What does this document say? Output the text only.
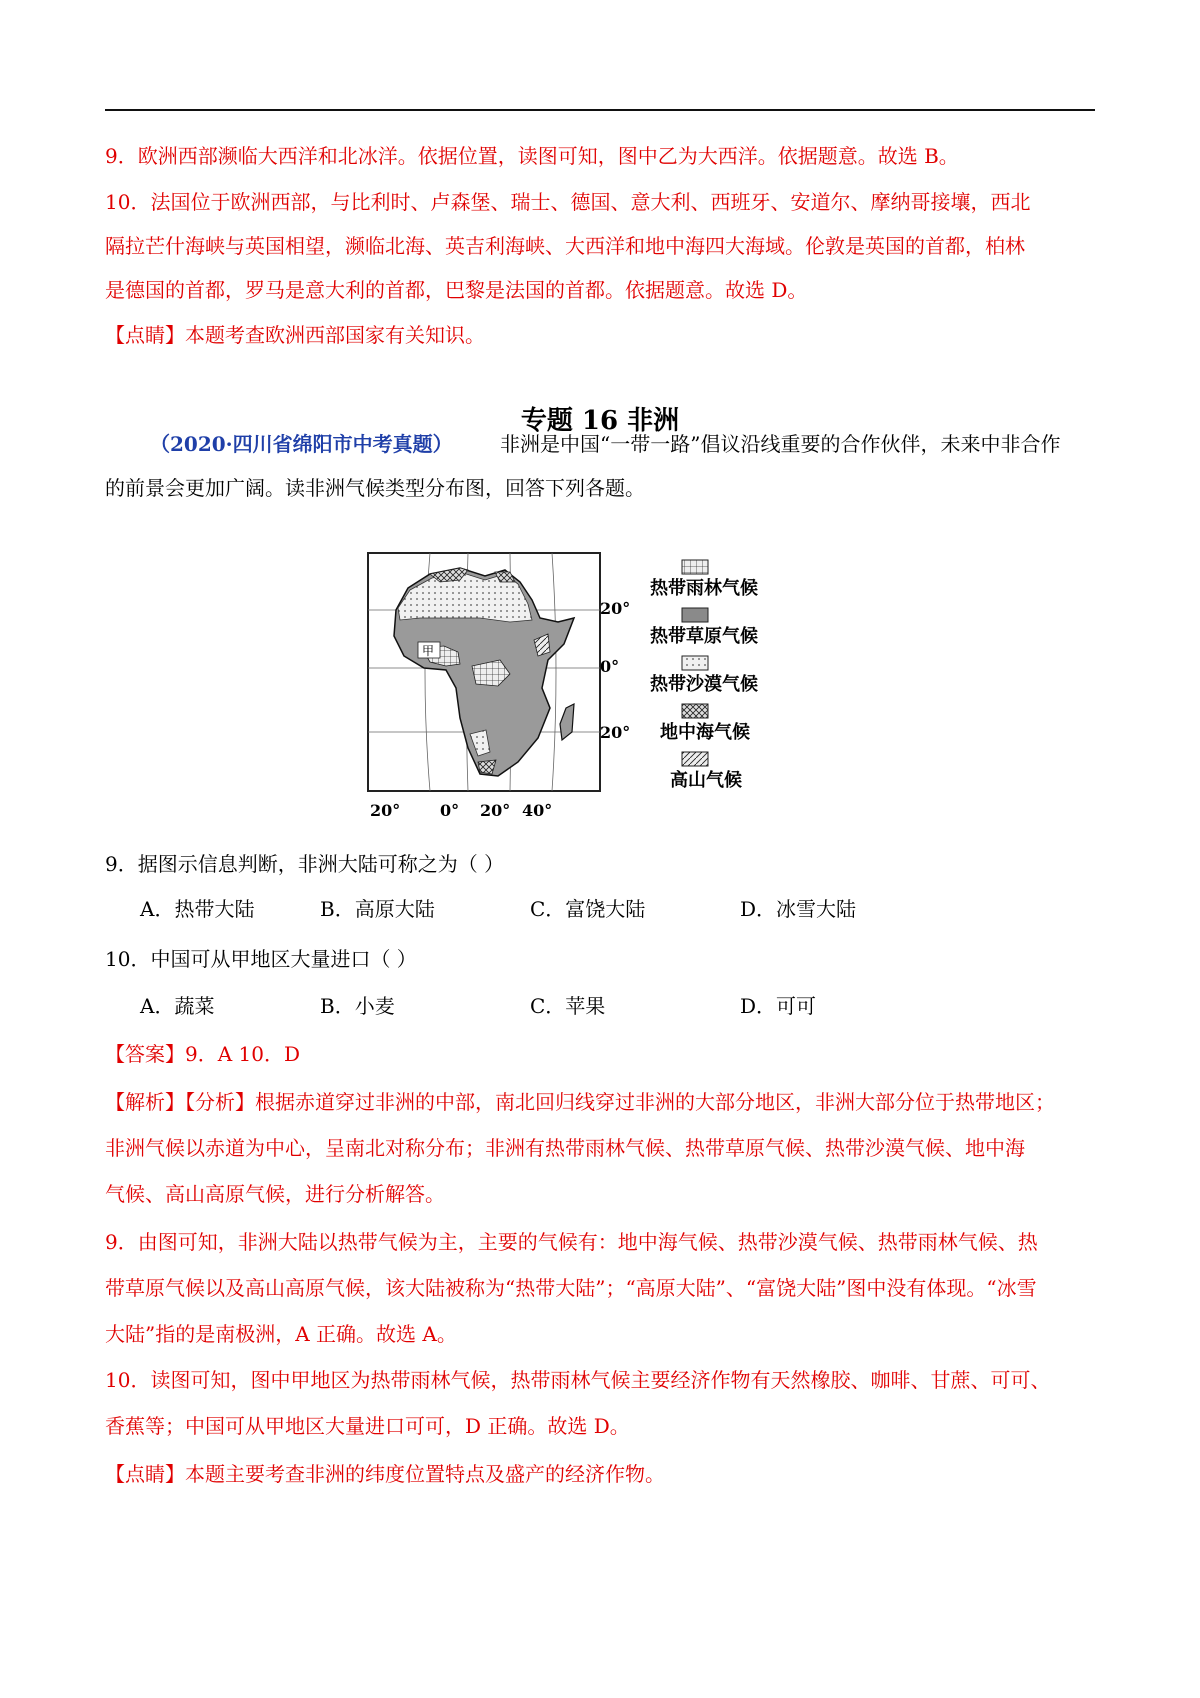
9．欧洲西部濒临大西洋和北冰洋。依据位置，读图可知，图中乙为大西洋。依据题意。故选 B。
10．法国位于欧洲西部，与比利时、卢森堡、瑞士、德国、意大利、西班牙、安道尔、摩纳哥接壤，西北
隔拉芒什海峡与英国相望，濒临北海、英吉利海峡、大西洋和地中海四大海域。伦敦是英国的首都，柏林
是德国的首都，罗马是意大利的首都，巴黎是法国的首都。依据题意。故选 D。
【点睛】本题考查欧洲西部国家有关知识。
专题 16 非洲
（2020·四川省绵阳市中考真题） 非洲是中国“一带一路”倡议沿线重要的合作伙伴，未来中非合作
的前景会更加广阔。读非洲气候类型分布图，回答下列各题。
甲
20°
0°
20°
20° 0° 20° 40°
热带雨林气候
热带草原气候
热带沙漠气候
地中海气候
高山气候
9．据图示信息判断，非洲大陆可称之为（ ）
A．热带大陆	B．高原大陆	C．富饶大陆	D．冰雪大陆
10．中国可从甲地区大量进口（ ）
A．蔬菜	B．小麦	C．苹果	D．可可
【答案】9．A 10．D
【解析】【分析】根据赤道穿过非洲的中部，南北回归线穿过非洲的大部分地区，非洲大部分位于热带地区；
非洲气候以赤道为中心，呈南北对称分布；非洲有热带雨林气候、热带草原气候、热带沙漠气候、地中海
气候、高山高原气候，进行分析解答。
9．由图可知，非洲大陆以热带气候为主，主要的气候有：地中海气候、热带沙漠气候、热带雨林气候、热
带草原气候以及高山高原气候，该大陆被称为“热带大陆”；“高原大陆”、“富饶大陆”图中没有体现。“冰雪
大陆”指的是南极洲，A 正确。故选 A。
10．读图可知，图中甲地区为热带雨林气候，热带雨林气候主要经济作物有天然橡胶、咖啡、甘蔗、可可、
香蕉等；中国可从甲地区大量进口可可，D 正确。故选 D。
【点睛】本题主要考查非洲的纬度位置特点及盛产的经济作物。
